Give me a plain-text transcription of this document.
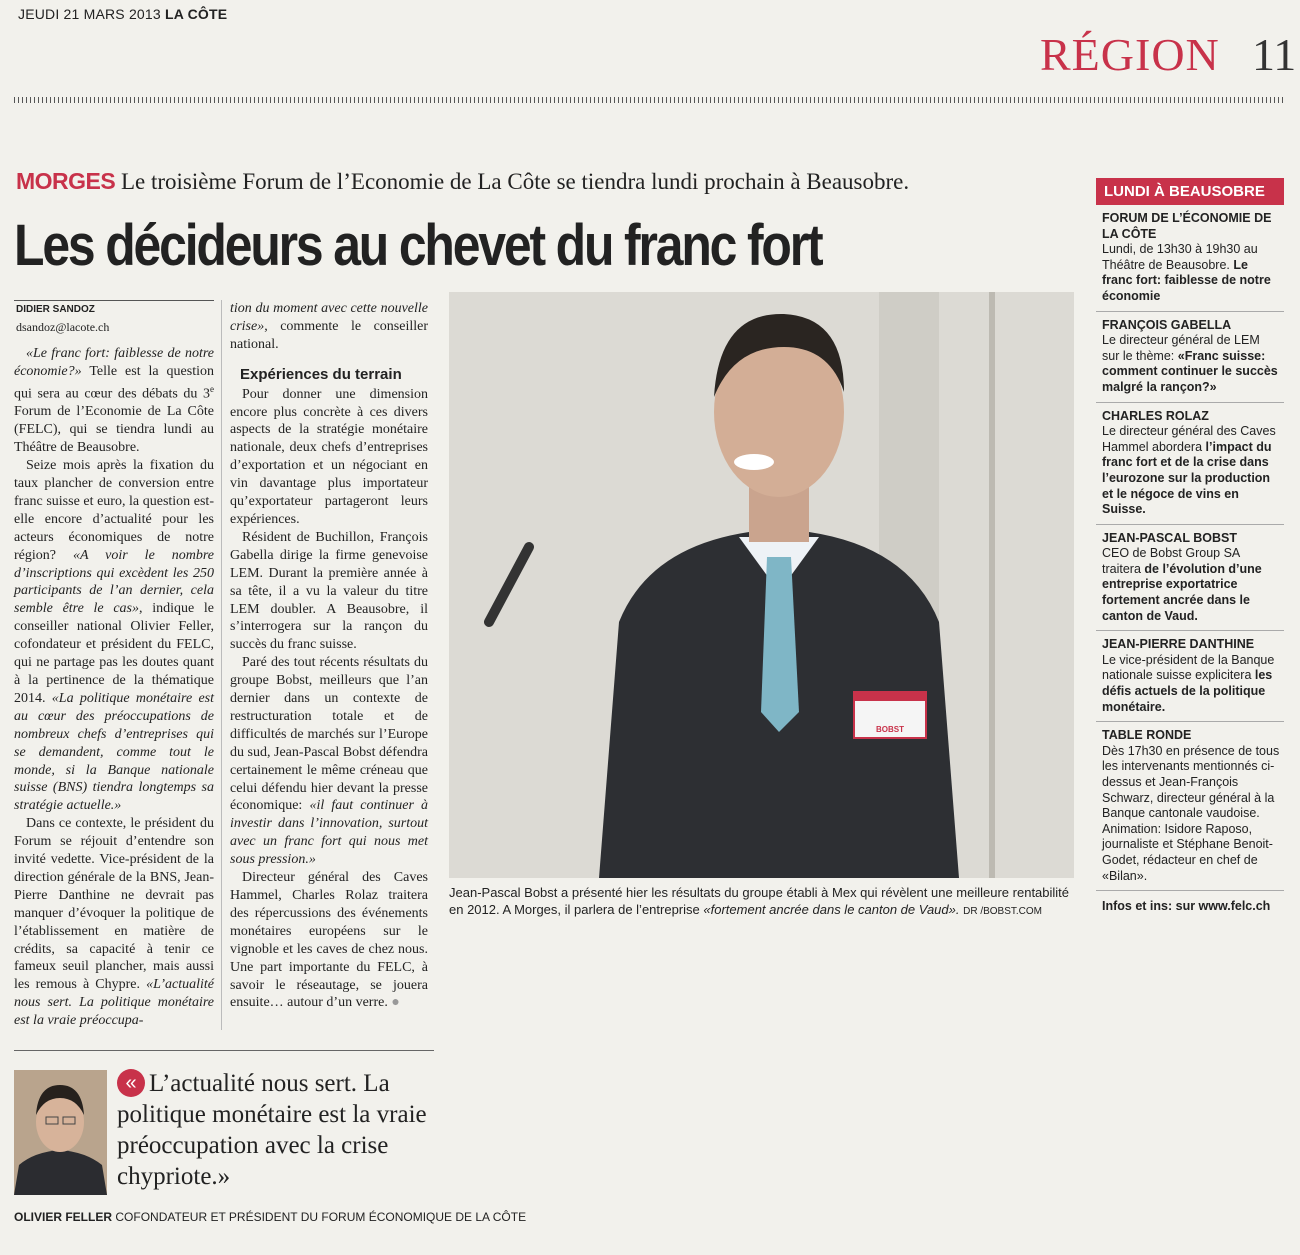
JEUDI 21 MARS 2013 LA CÔTE
RÉGION 11
MORGES Le troisième Forum de l’Economie de La Côte se tiendra lundi prochain à Beausobre.
Les décideurs au chevet du franc fort
DIDIER SANDOZ
dsandoz@lacote.ch

«Le franc fort: faiblesse de notre économie?» Telle est la question qui sera au cœur des débats du 3e Forum de l’Economie de La Côte (FELC), qui se tiendra lundi au Théâtre de Beausobre.

Seize mois après la fixation du taux plancher de conversion entre franc suisse et euro, la question est-elle encore d’actualité pour les acteurs économiques de notre région? «A voir le nombre d’inscriptions qui excèdent les 250 participants de l’an dernier, cela semble être le cas», indique le conseiller national Olivier Feller, cofondateur et président du FELC, qui ne partage pas les doutes quant à la pertinence de la thématique 2014. «La politique monétaire est au cœur des préoccupations de nombreux chefs d’entreprises qui se demandent, comme tout le monde, si la Banque nationale suisse (BNS) tiendra longtemps sa stratégie actuelle.»

Dans ce contexte, le président du Forum se réjouit d’entendre son invité vedette. Vice-président de la direction générale de la BNS, Jean-Pierre Danthine ne devrait pas manquer d’évoquer la politique de l’établissement en matière de crédits, sa capacité à tenir ce fameux seuil plancher, mais aussi les remous à Chypre. «L’actualité nous sert. La politique monétaire est la vraie préoccupa-

tion du moment avec cette nouvelle crise», commente le conseiller national.

Expériences du terrain

Pour donner une dimension encore plus concrète à ces divers aspects de la stratégie monétaire nationale, deux chefs d’entreprises d’exportation et un négociant en vin davantage plus importateur qu’exportateur partageront leurs expériences.

Résident de Buchillon, François Gabella dirige la firme genevoise LEM. Durant la première année à sa tête, il a vu la valeur du titre LEM doubler. A Beausobre, il s’interrogera sur la rançon du succès du franc suisse.

Paré des tout récents résultats du groupe Bobst, meilleurs que l’an dernier dans un contexte de restructuration totale et de difficultés de marchés sur l’Europe du sud, Jean-Pascal Bobst défendra certainement le même créneau que celui défendu hier devant la presse économique: «il faut continuer à investir dans l’innovation, surtout avec un franc fort qui nous met sous pression.»

Directeur général des Caves Hammel, Charles Rolaz traitera des répercussions des événements monétaires européens sur le vignoble et les caves de chez nous. Une part importante du FELC, à savoir le réseautage, se jouera ensuite… autour d’un verre. ●

BOBST
Jean-Pascal Bobst a présenté hier les résultats du groupe établi à Mex qui révèlent une meilleure rentabilité en 2012. A Morges, il parlera de l’entreprise «fortement ancrée dans le canton de Vaud». DR /BOBST.COM
LUNDI À BEAUSOBRE
FORUM DE L’ÉCONOMIE DE LA CÔTE
Lundi, de 13h30 à 19h30 au Théâtre de Beausobre. Le franc fort: faiblesse de notre économie
FRANÇOIS GABELLA
Le directeur général de LEM sur le thème: «Franc suisse: comment continuer le succès malgré la rançon?»
CHARLES ROLAZ
Le directeur général des Caves Hammel abordera l’impact du franc fort et de la crise dans l’eurozone sur la production et le négoce de vins en Suisse.
JEAN-PASCAL BOBST
CEO de Bobst Group SA traitera de l’évolution d’une entreprise exportatrice fortement ancrée dans le canton de Vaud.
JEAN-PIERRE DANTHINE
Le vice-président de la Banque nationale suisse explicitera les défis actuels de la politique monétaire.
TABLE RONDE
Dès 17h30 en présence de tous les intervenants mentionnés ci-dessus et Jean-François Schwarz, directeur général à la Banque cantonale vaudoise. Animation: Isidore Raposo, journaliste et Stéphane Benoit-Godet, rédacteur en chef de «Bilan».
Infos et ins: sur www.felc.ch
« L’actualité nous sert. La politique monétaire est la vraie préoccupation avec la crise chypriote.»
OLIVIER FELLER COFONDATEUR ET PRÉSIDENT DU FORUM ÉCONOMIQUE DE LA CÔTE
